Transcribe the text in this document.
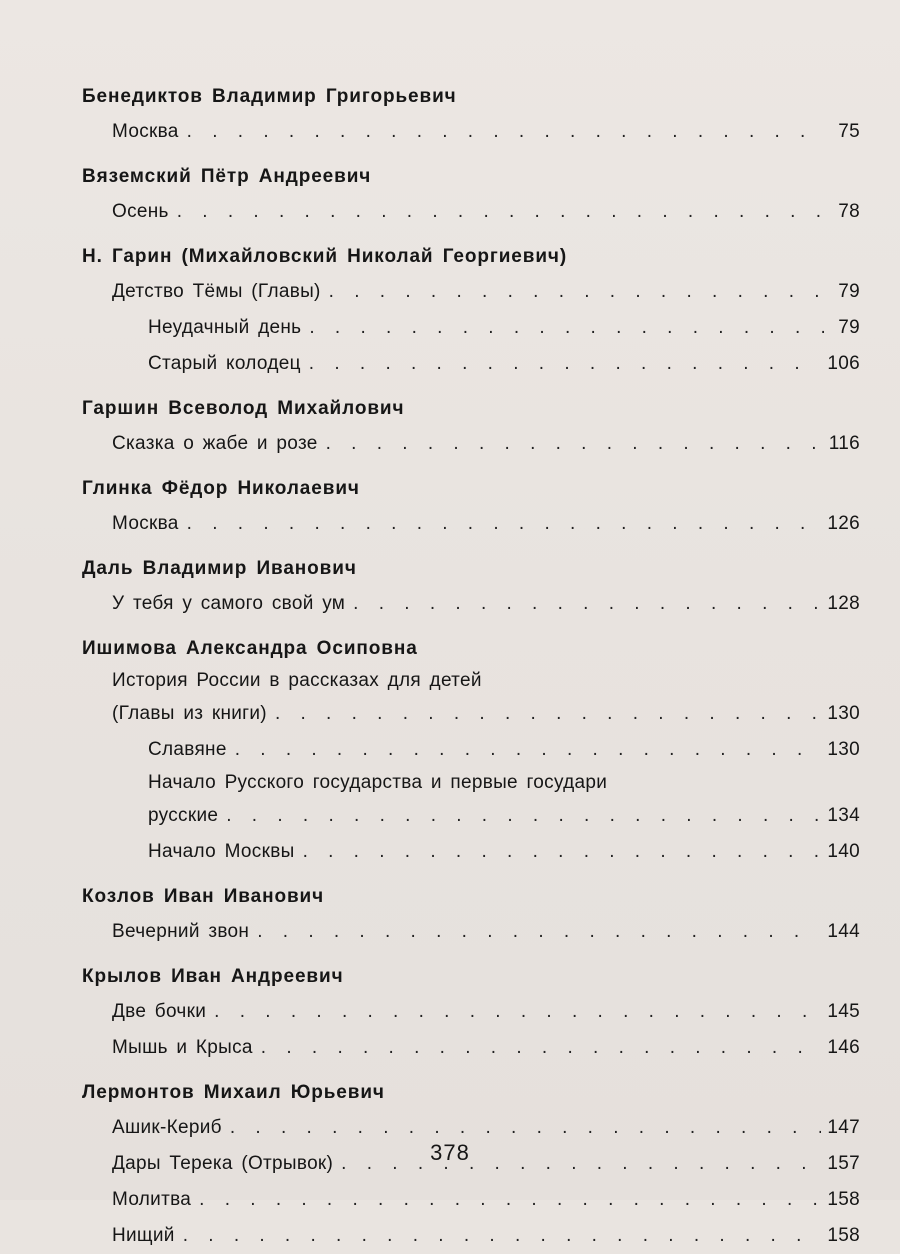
Бенедиктов Владимир Григорьевич
Москва . . .	75
Вяземский Пётр Андреевич
Осень . . .	78
Н. Гарин (Михайловский Николай Георгиевич)
Детство Тёмы (Главы) . . .	79
Неудачный день . . .	79
Старый колодец . . .	106
Гаршин Всеволод Михайлович
Сказка о жабе и розе . . .	116
Глинка Фёдор Николаевич
Москва . . .	126
Даль Владимир Иванович
У тебя у самого свой ум . . .	128
Ишимова Александра Осиповна
История России в рассказах для детей
(Главы из книги) . . .	130
Славяне . . .	130
Начало Русского государства и первые государи
русские . . .	134
Начало Москвы . . .	140
Козлов Иван Иванович
Вечерний звон . . .	144
Крылов Иван Андреевич
Две бочки . . .	145
Мышь и Крыса . . .	146
Лермонтов Михаил Юрьевич
Ашик-Кериб . . .	147
Дары Терека (Отрывок) . . .	157
Молитва . . .	158
Нищий . . .	158
378
